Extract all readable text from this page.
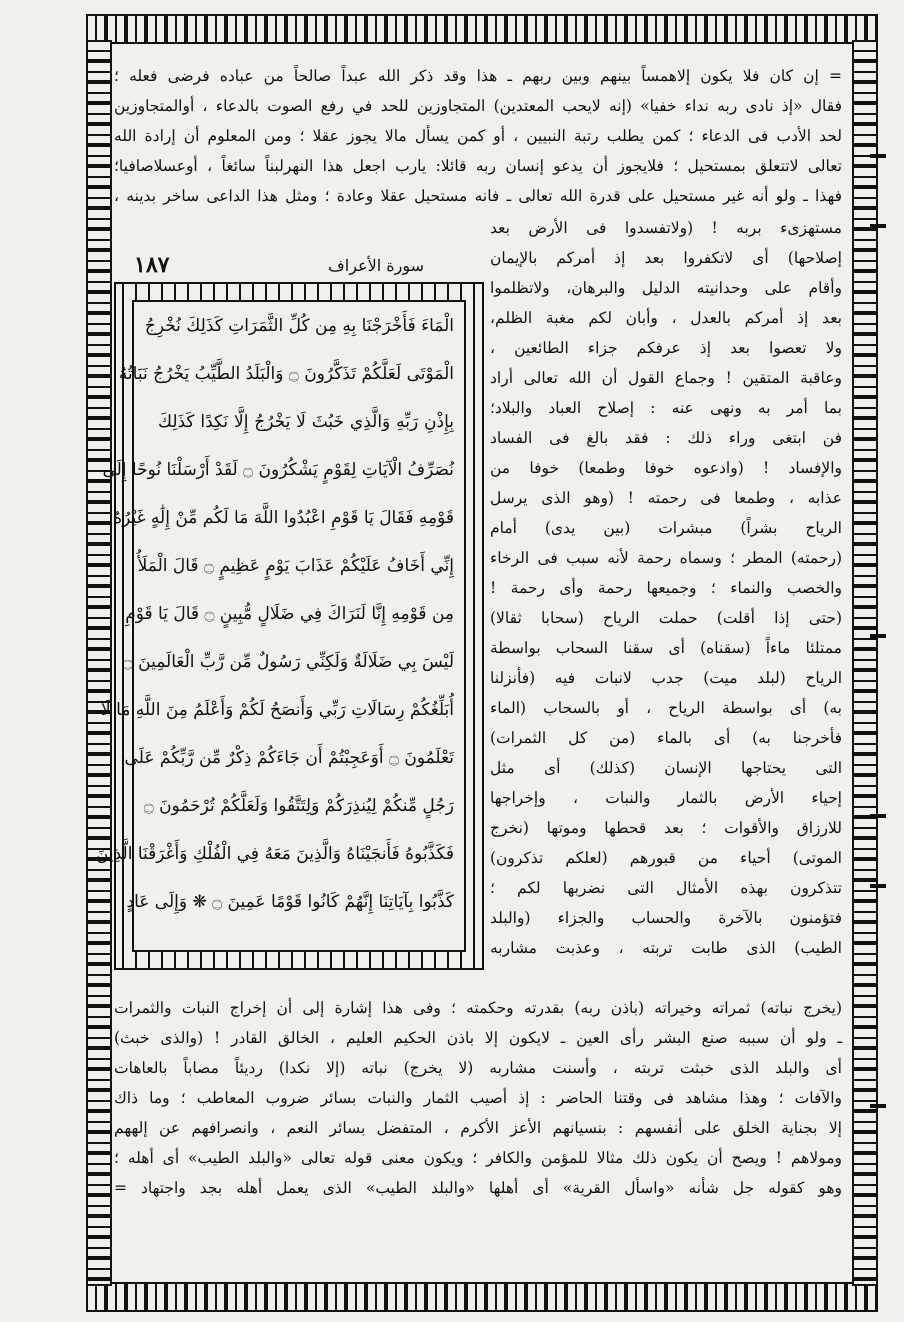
= إن كان فلا يكون إلاهمساً بينهم وبين ربهم ـ هذا وقد ذكر الله عبداً صالحاً من عباده فرضى فعله ؛
فقال «إذ نادى ربه نداء خفيا» (إنه لايحب المعتدين) المتجاوزين للحد في رفع الصوت بالدعاء ، أوالمتجاوزين
لحد الأدب فى الدعاء ؛ كمن يطلب رتبة النبيين ، أو كمن يسأل مالا يجوز عقلا ؛ ومن المعلوم أن إرادة الله
تعالى لاتتعلق بمستحيل ؛ فلايجوز أن يدعو إنسان ربه قائلا: يارب اجعل هذا النهرلبناً سائغاً ، أوعسلاصافيا؛
فهذا ـ ولو أنه غير مستحيل على قدرة الله تعالى ـ فانه مستحيل عقلا وعادة ؛ ومثل هذا الداعى ساخر بدينه ،
مستهزىء بربه ! (ولاتفسدوا فى الأرض بعد
إصلاحها) أى لاتكفروا بعد إذ أمركم بالإيمان
وأقام على وحدانيته الدليل والبرهان، ولاتظلموا
بعد إذ أمركم بالعدل ، وأبان لكم مغبة الظلم،
ولا تعصوا بعد إذ عرفكم جزاء الطائعين ،
وعاقبة المتقين ! وجماع القول أن الله تعالى أراد
بما أمر به ونهى عنه : إصلاح العباد والبلاد؛
فن ابتغى وراء ذلك : فقد بالغ فى الفساد
والإفساد ! (وادعوه خوفا وطمعا) خوفا من
عذابه ، وطمعا فى رحمته ! (وهو الذى يرسل
الرياح بشراً) مبشرات (بين يدى) أمام
(رحمته) المطر ؛ وسماه رحمة لأنه سبب فى الرخاء
والخصب والنماء ؛ وجميعها رحمة وأى رحمة !
(حتى إذا أقلت) حملت الرياح (سحابا ثقالا)
ممتلئا ماءاً (سقناه) أى سقنا السحاب بواسطة
الرياح (لبلد ميت) جدب لانبات فيه (فأنزلنا
به) أى بواسطة الرياح ، أو بالسحاب (الماء
فأخرجنا به) أى بالماء (من كل الثمرات)
التى يحتاجها الإنسان (كذلك) أى مثل
إحياء الأرض بالثمار والنبات ، وإخراجها
للارزاق والأقوات ؛ بعد قحطها وموتها (نخرج
الموتى) أحياء من قبورهم (لعلكم تذكرون)
تتذكرون بهذه الأمثال التى نضربها لكم ؛
فتؤمنون بالآخرة والحساب والجزاء (والبلد
الطيب) الذى طابت تربته ، وعذبت مشاربه
سورة الأعراف
١٨٧
الْمَاءَ فَأَخْرَجْنَا بِهِ مِن كُلِّ الثَّمَرَاتِ كَذَلِكَ نُخْرِجُ
الْمَوْتَى لَعَلَّكُمْ تَذَكَّرُونَ ۝ وَالْبَلَدُ الطَّيِّبُ يَخْرُجُ نَبَاتُهُ
بِإِذْنِ رَبِّهِ وَالَّذِي خَبُثَ لَا يَخْرُجُ إِلَّا نَكِدًا كَذَلِكَ
نُصَرِّفُ الْآيَاتِ لِقَوْمٍ يَشْكُرُونَ ۝ لَقَدْ أَرْسَلْنَا نُوحًا إِلَى
قَوْمِهِ فَقَالَ يَا قَوْمِ اعْبُدُوا اللَّهَ مَا لَكُم مِّنْ إِلَٰهٍ غَيْرُهُ
إِنِّي أَخَافُ عَلَيْكُمْ عَذَابَ يَوْمٍ عَظِيمٍ ۝ قَالَ الْمَلَأُ
مِن قَوْمِهِ إِنَّا لَنَرَاكَ فِي ضَلَالٍ مُّبِينٍ ۝ قَالَ يَا قَوْمِ
لَيْسَ بِي ضَلَالَةٌ وَلَكِنِّي رَسُولٌ مِّن رَّبِّ الْعَالَمِينَ ۝
أُبَلِّغُكُمْ رِسَالَاتِ رَبِّي وَأَنصَحُ لَكُمْ وَأَعْلَمُ مِنَ اللَّهِ مَا لَا
تَعْلَمُونَ ۝ أَوَعَجِبْتُمْ أَن جَاءَكُمْ ذِكْرٌ مِّن رَّبِّكُمْ عَلَى
رَجُلٍ مِّنكُمْ لِيُنذِرَكُمْ وَلِتَتَّقُوا وَلَعَلَّكُمْ تُرْحَمُونَ ۝
فَكَذَّبُوهُ فَأَنجَيْنَاهُ وَالَّذِينَ مَعَهُ فِي الْفُلْكِ وَأَغْرَقْنَا الَّذِينَ
كَذَّبُوا بِآيَاتِنَا إِنَّهُمْ كَانُوا قَوْمًا عَمِينَ ۝ ❋ وَإِلَى عَادٍ
(يخرج نباته) ثمراته وخيراته (باذن ربه) بقدرته وحكمته ؛ وفى هذا إشارة إلى أن إخراج النبات والثمرات
ـ ولو أن سببه صنع البشر رأى العين ـ لايكون إلا باذن الحكيم العليم ، الخالق القادر ! (والذى خبث)
أى والبلد الذى خبثت تربته ، وأسنت مشاربه (لا يخرج) نباته (إلا نكدا) رديئاً مصاباً بالعاهات
والآفات ؛ وهذا مشاهد فى وقتنا الحاضر : إذ أصيب الثمار والنبات بسائر ضروب المعاطب ؛ وما ذاك
إلا بجناية الخلق على أنفسهم : بنسيانهم الأعز الأكرم ، المتفضل بسائر النعم ، وانصرافهم عن إلههم
ومولاهم ! ويصح أن يكون ذلك مثالا للمؤمن والكافر ؛ ويكون معنى قوله تعالى «والبلد الطيب» أى أهله ؛
وهو كقوله جل شأنه «واسأل القرية» أى أهلها «والبلد الطيب» الذى يعمل أهله بجد واجتهاد =
